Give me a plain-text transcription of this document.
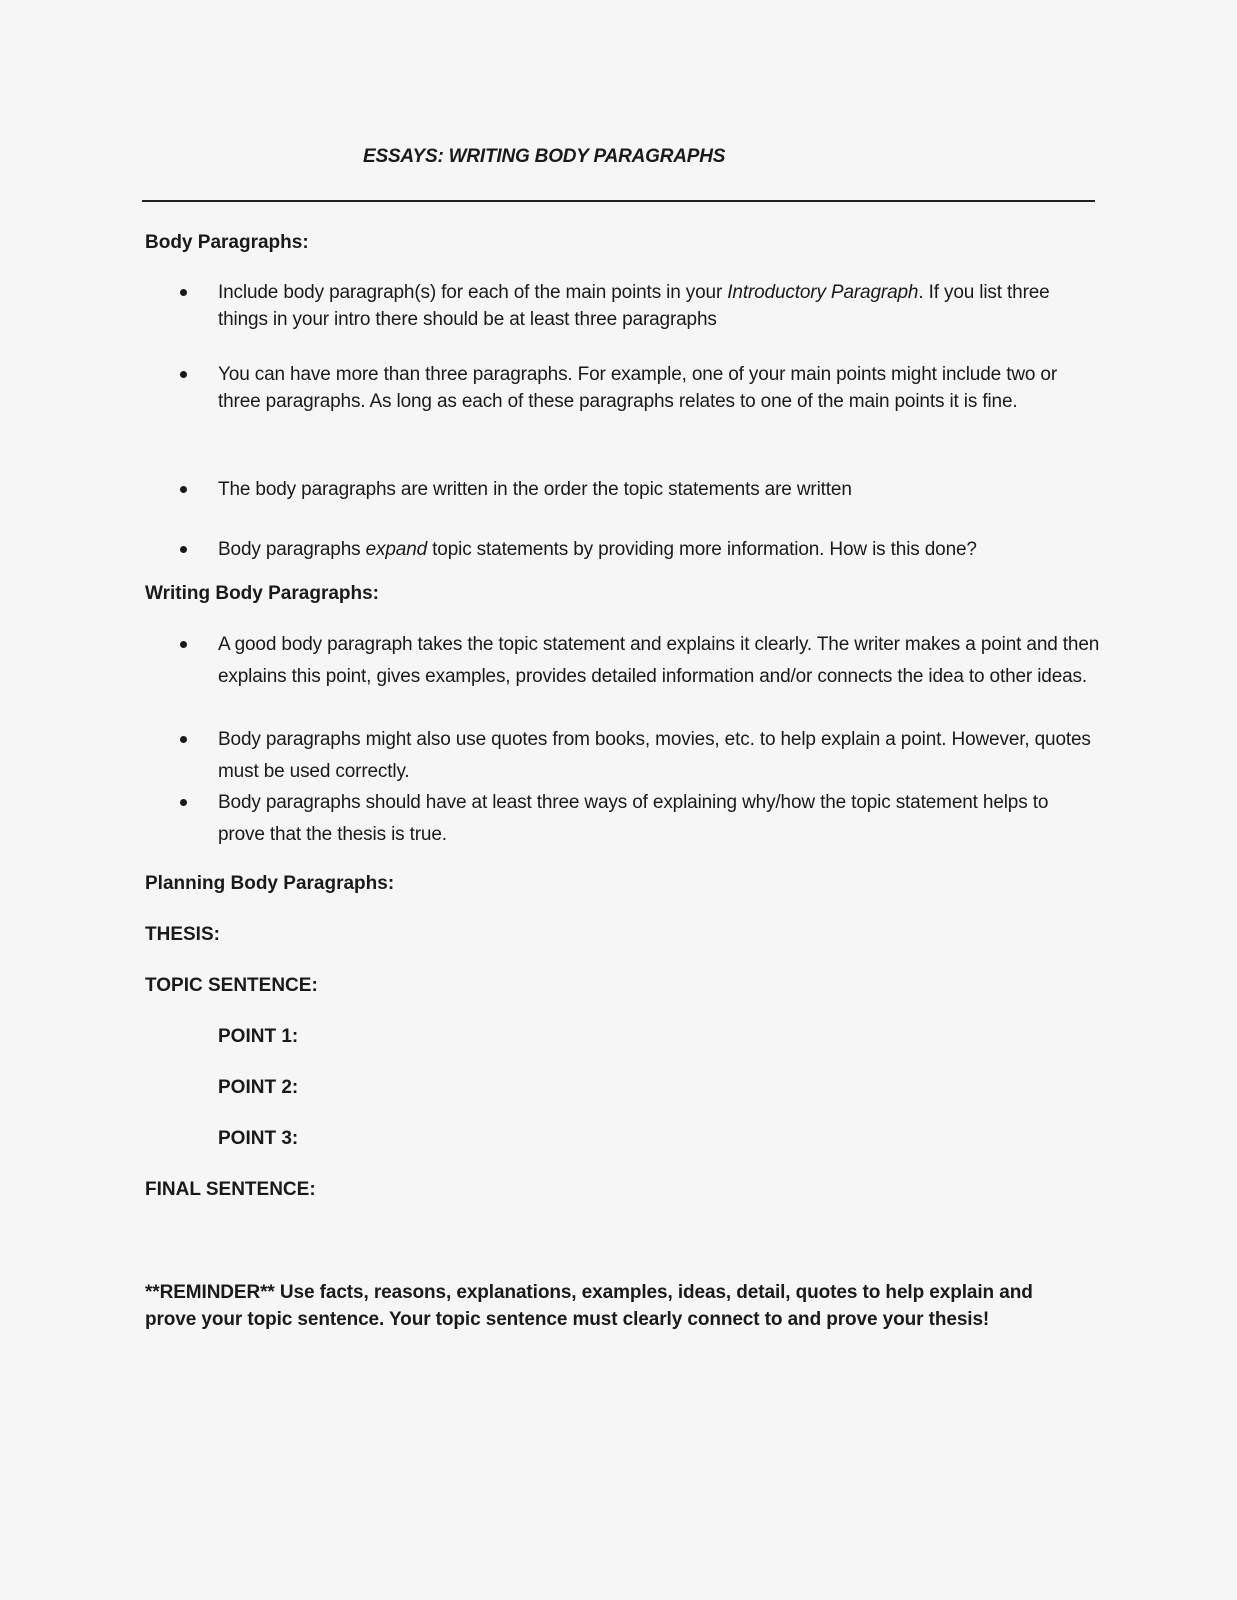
ESSAYS: WRITING BODY PARAGRAPHS
Body Paragraphs:
Include body paragraph(s) for each of the main points in your Introductory Paragraph. If you list three things in your intro there should be at least three paragraphs
You can have more than three paragraphs. For example, one of your main points might include two or three paragraphs. As long as each of these paragraphs relates to one of the main points it is fine.
The body paragraphs are written in the order the topic statements are written
Body paragraphs expand topic statements by providing more information. How is this done?
Writing Body Paragraphs:
A good body paragraph takes the topic statement and explains it clearly. The writer makes a point and then explains this point, gives examples, provides detailed information and/or connects the idea to other ideas.
Body paragraphs might also use quotes from books, movies, etc. to help explain a point. However, quotes must be used correctly.
Body paragraphs should have at least three ways of explaining why/how the topic statement helps to prove that the thesis is true.
Planning Body Paragraphs:
THESIS:
TOPIC SENTENCE:
POINT 1:
POINT 2:
POINT 3:
FINAL SENTENCE:

**REMINDER** Use facts, reasons, explanations, examples, ideas, detail, quotes to help explain and prove your topic sentence. Your topic sentence must clearly connect to and prove your thesis!
